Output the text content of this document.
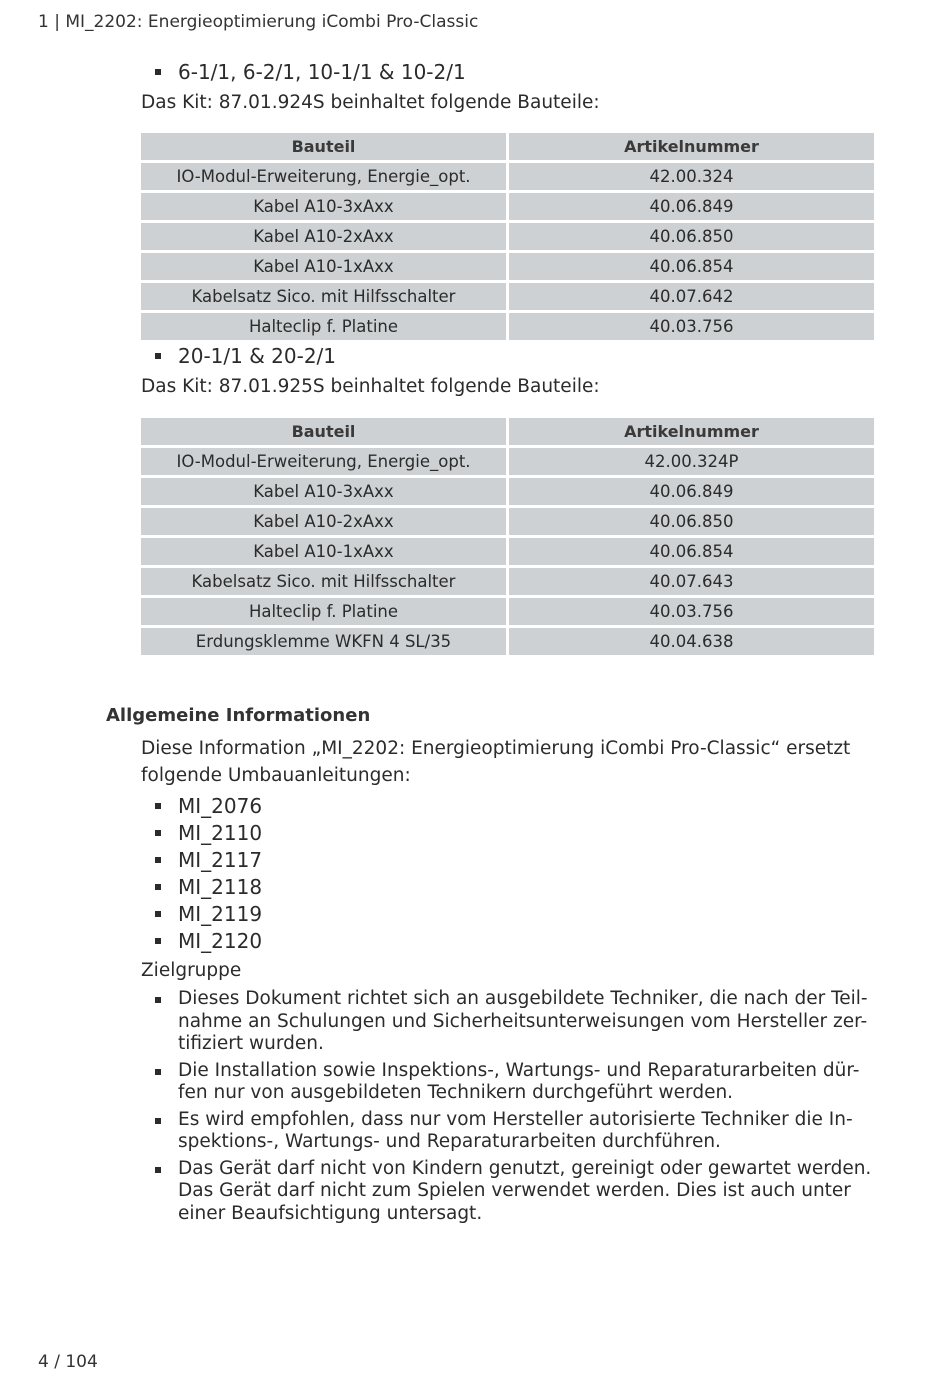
1 | MI_2202: Energieoptimierung iCombi Pro-Classic
6-1/1, 6-2/1, 10-1/1 & 10-2/1
Das Kit: 87.01.924S beinhaltet folgende Bauteile:
Bauteil	Artikelnummer
IO-Modul-Erweiterung, Energie_opt.	42.00.324
Kabel A10-3xAxx	40.06.849
Kabel A10-2xAxx	40.06.850
Kabel A10-1xAxx	40.06.854
Kabelsatz Sico. mit Hilfsschalter	40.07.642
Halteclip f. Platine	40.03.756
20-1/1 & 20-2/1
Das Kit: 87.01.925S beinhaltet folgende Bauteile:
Bauteil	Artikelnummer
IO-Modul-Erweiterung, Energie_opt.	42.00.324P
Kabel A10-3xAxx	40.06.849
Kabel A10-2xAxx	40.06.850
Kabel A10-1xAxx	40.06.854
Kabelsatz Sico. mit Hilfsschalter	40.07.643
Halteclip f. Platine	40.03.756
Erdungsklemme WKFN 4 SL/35	40.04.638
Allgemeine Informationen
Diese Information „MI_2202: Energieoptimierung iCombi Pro-Classic“ ersetzt folgende Umbauanleitungen:
MI_2076
MI_2110
MI_2117
MI_2118
MI_2119
MI_2120
Zielgruppe
Dieses Dokument richtet sich an ausgebildete Techniker, die nach der Teil-nahme an Schulungen und Sicherheitsunterweisungen vom Hersteller zer-tifiziert wurden.
Die Installation sowie Inspektions-, Wartungs- und Reparaturarbeiten dür-fen nur von ausgebildeten Technikern durchgeführt werden.
Es wird empfohlen, dass nur vom Hersteller autorisierte Techniker die In-spektions-, Wartungs- und Reparaturarbeiten durchführen.
Das Gerät darf nicht von Kindern genutzt, gereinigt oder gewartet werden. Das Gerät darf nicht zum Spielen verwendet werden. Dies ist auch unter einer Beaufsichtigung untersagt.
4 / 104
